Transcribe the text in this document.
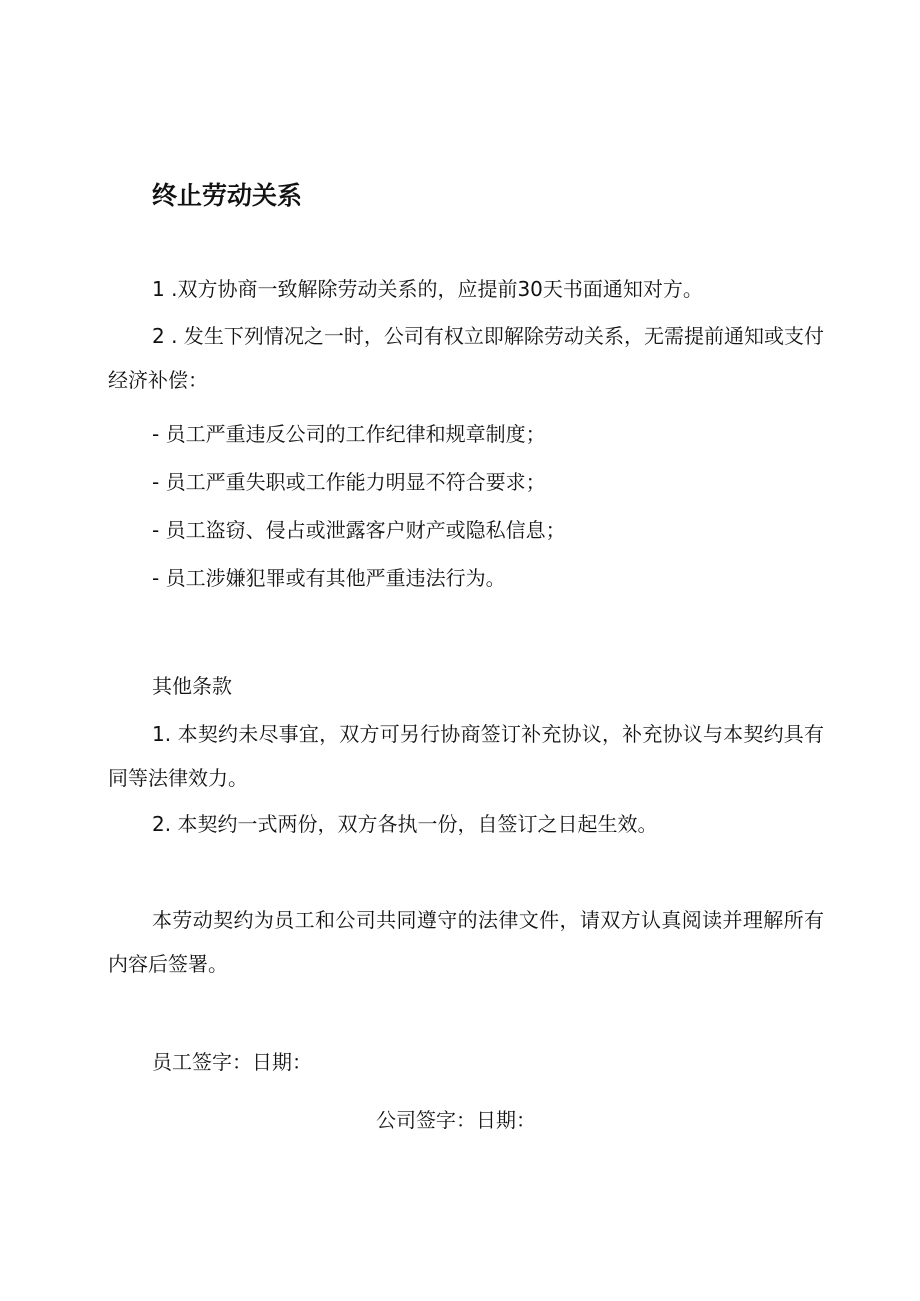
终止劳动关系
1 .双方协商一致解除劳动关系的，应提前30天书面通知对方。
2 . 发生下列情况之一时，公司有权立即解除劳动关系，无需提前通知或支付经济补偿：
- 员工严重违反公司的工作纪律和规章制度；
- 员工严重失职或工作能力明显不符合要求；
- 员工盗窃、侵占或泄露客户财产或隐私信息；
- 员工涉嫌犯罪或有其他严重违法行为。
其他条款
1. 本契约未尽事宜，双方可另行协商签订补充协议，补充协议与本契约具有同等法律效力。
2. 本契约一式两份，双方各执一份，自签订之日起生效。
本劳动契约为员工和公司共同遵守的法律文件，请双方认真阅读并理解所有内容后签署。
员工签字：日期：
公司签字：日期：
